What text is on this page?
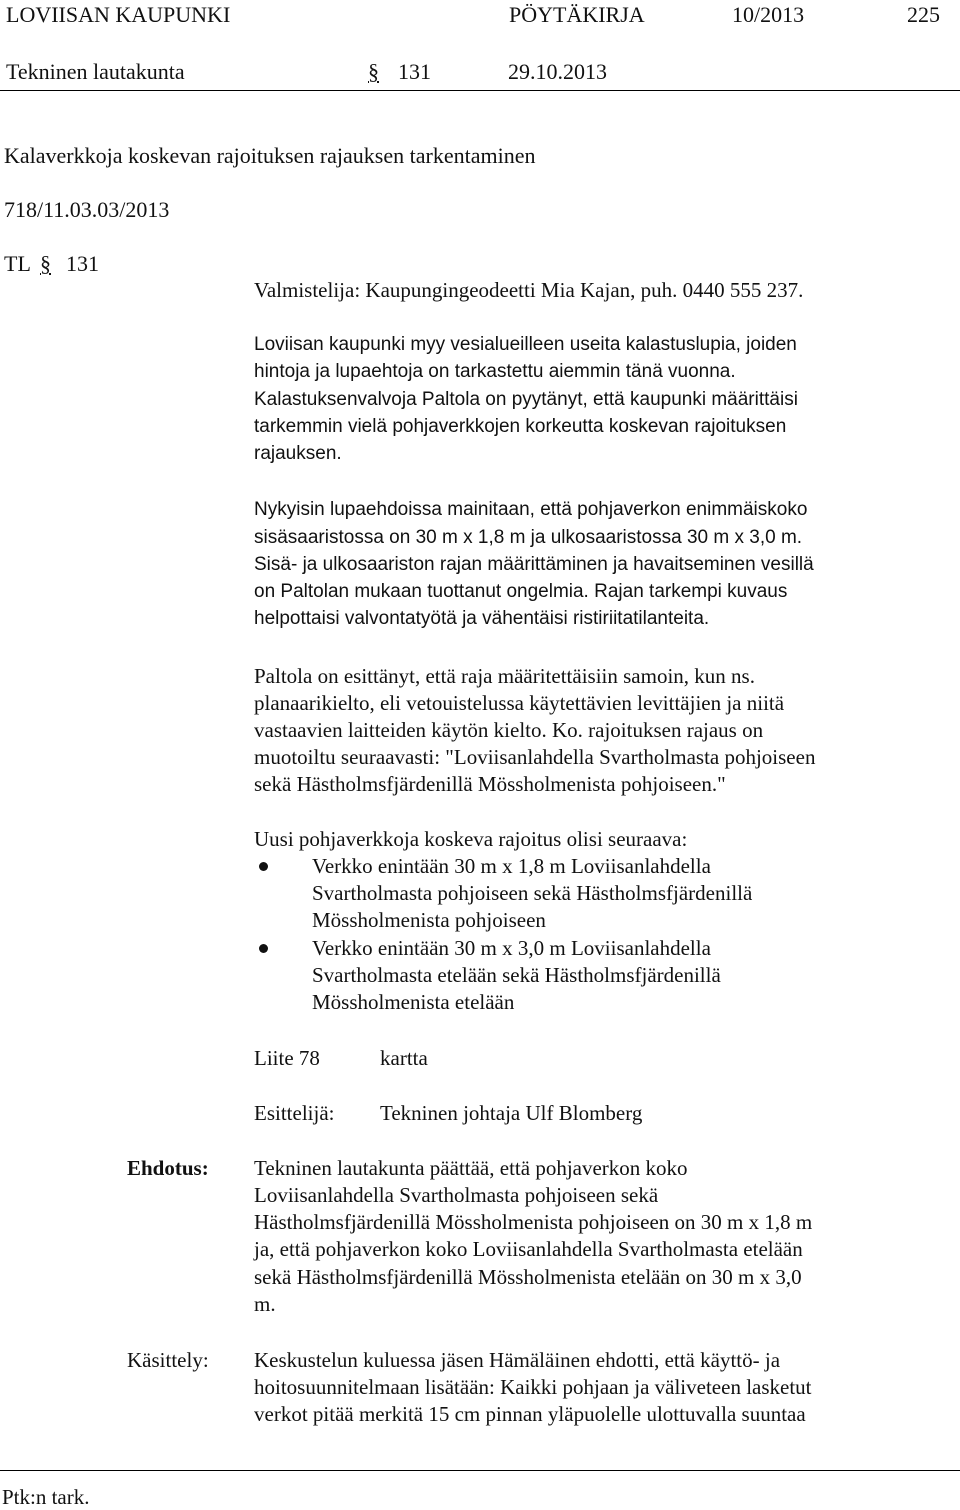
LOVIISAN KAUPUNKI	PÖYTÄKIRJA	10/2013	225
Tekninen lautakunta	§ 131	29.10.2013
Kalaverkkoja koskevan rajoituksen rajauksen tarkentaminen
718/11.03.03/2013
TL § 131
Valmistelija: Kaupungingeodeetti Mia Kajan, puh. 0440 555 237.
Loviisan kaupunki myy vesialueilleen useita kalastuslupia, joiden
hintoja ja lupaehtoja on tarkastettu aiemmin tänä vuonna.
Kalastuksenvalvoja Paltola on pyytänyt, että kaupunki määrittäisi
tarkemmin vielä pohjaverkkojen korkeutta koskevan rajoituksen
rajauksen.
Nykyisin lupaehdoissa mainitaan, että pohjaverkon enimmäiskoko
sisäsaaristossa on 30 m x 1,8 m ja ulkosaaristossa 30 m x 3,0 m.
Sisä- ja ulkosaariston rajan määrittäminen ja havaitseminen vesillä
on Paltolan mukaan tuottanut ongelmia. Rajan tarkempi kuvaus
helpottaisi valvontatyötä ja vähentäisi ristiriitatilanteita.
Paltola on esittänyt, että raja määritettäisiin samoin, kun ns.
planaarikielto, eli vetouistelussa käytettävien levittäjien ja niitä
vastaavien laitteiden käytön kielto. Ko. rajoituksen rajaus on
muotoiltu seuraavasti: "Loviisanlahdella Svartholmasta pohjoiseen
sekä Hästholmsfjärdenillä Mössholmenista pohjoiseen."
Uusi pohjaverkkoja koskeva rajoitus olisi seuraava:
Verkko enintään 30 m x 1,8 m Loviisanlahdella
Svartholmasta pohjoiseen sekä Hästholmsfjärdenillä
Mössholmenista pohjoiseen
Verkko enintään 30 m x 3,0 m Loviisanlahdella
Svartholmasta etelään sekä Hästholmsfjärdenillä
Mössholmenista etelään
Liite 78	kartta
Esittelijä: Tekninen johtaja Ulf Blomberg
Ehdotus: Tekninen lautakunta päättää, että pohjaverkon koko
Loviisanlahdella Svartholmasta pohjoiseen sekä
Hästholmsfjärdenillä Mössholmenista pohjoiseen on 30 m x 1,8 m
ja, että pohjaverkon koko Loviisanlahdella Svartholmasta etelään
sekä Hästholmsfjärdenillä Mössholmenista etelään on 30 m x 3,0
m.
Käsittely: Keskustelun kuluessa jäsen Hämäläinen ehdotti, että käyttö- ja
hoitosuunnitelmaan lisätään: Kaikki pohjaan ja väliveteen lasketut
verkot pitää merkitä 15 cm pinnan yläpuolelle ulottuvalla suuntaa
Ptk:n tark.
